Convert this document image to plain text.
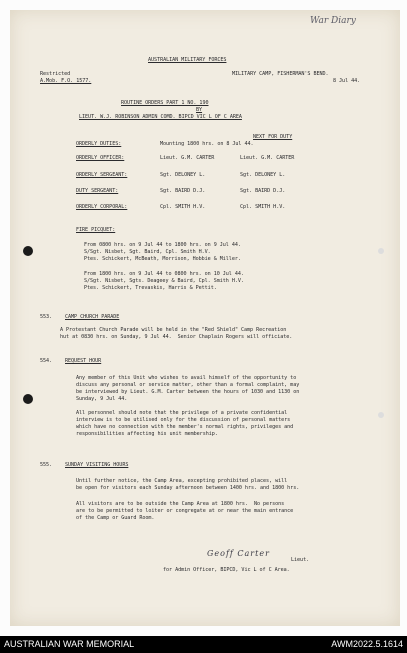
War Diary
AUSTRALIAN MILITARY FORCES
Restricted
A.Mob. F.O. 1577.
MILITARY CAMP, FISHERMAN'S BEND.
8 Jul 44.
ROUTINE ORDERS PART 1 NO. 190
BY
LIEUT. W.J. ROBINSON ADMIN COMD. BIPCD VIC L OF C AREA
NEXT FOR DUTY
ORDERLY DUTIES:	Mounting 1800 hrs. on 8 Jul 44.
ORDERLY OFFICER:	Lieut. G.M. CARTER	Lieut. G.M. CARTER
ORDERLY SERGEANT:	Sgt. DELONEY L.	Sgt. DELONEY L.
DUTY SERGEANT:	Sgt. BAIRD D.J.	Sgt. BAIRD D.J.
ORDERLY CORPORAL:	Cpl. SMITH H.V.	Cpl. SMITH H.V.
FIRE PICQUET:
From 0800 hrs. on 9 Jul 44 to 1800 hrs. on 9 Jul 44.
S/Sgt. Nisbet, Sgt. Baird, Cpl. Smith H.V.
Ptes. Schickert, McBeath, Morrison, Hobbie & Miller.
From 1800 hrs. on 9 Jul 44 to 0800 hrs. on 10 Jul 44.
S/Sgt. Nisbet, Sgts. Deageey & Baird, Cpl. Smith H.V.
Ptes. Schickert, Trevaskis, Harris & Pettit.
553.	CAMP CHURCH PARADE
A Protestant Church Parade will be held in the "Red Shield" Camp Recreation
hut at 0830 hrs. on Sunday, 9 Jul 44.  Senior Chaplain Rogers will officiate.
554.	REQUEST HOUR
Any member of this Unit who wishes to avail himself of the opportunity to
discuss any personal or service matter, other than a formal complaint, may
be interviewed by Lieut. G.M. Carter between the hours of 1030 and 1130 on
Sunday, 9 Jul 44.
All personnel should note that the privilege of a private confidential
interview is to be utilised only for the discussion of personal matters
which have no connection with the member's normal rights, privileges and
responsibilities affecting his unit membership.
555.	SUNDAY VISITING HOURS
Until further notice, the Camp Area, excepting prohibited places, will
be open for visitors each Sunday afternoon between 1400 hrs. and 1800 hrs.
All visitors are to be outside the Camp Area at 1800 hrs.  No persons
are to be permitted to loiter or congregate at or near the main entrance
of the Camp or Guard Room.
Geoff Carter
Lieut.
for Admin Officer, BIPCD, Vic L of C Area.
AUSTRALIAN WAR MEMORIAL	AWM2022.5.1614
